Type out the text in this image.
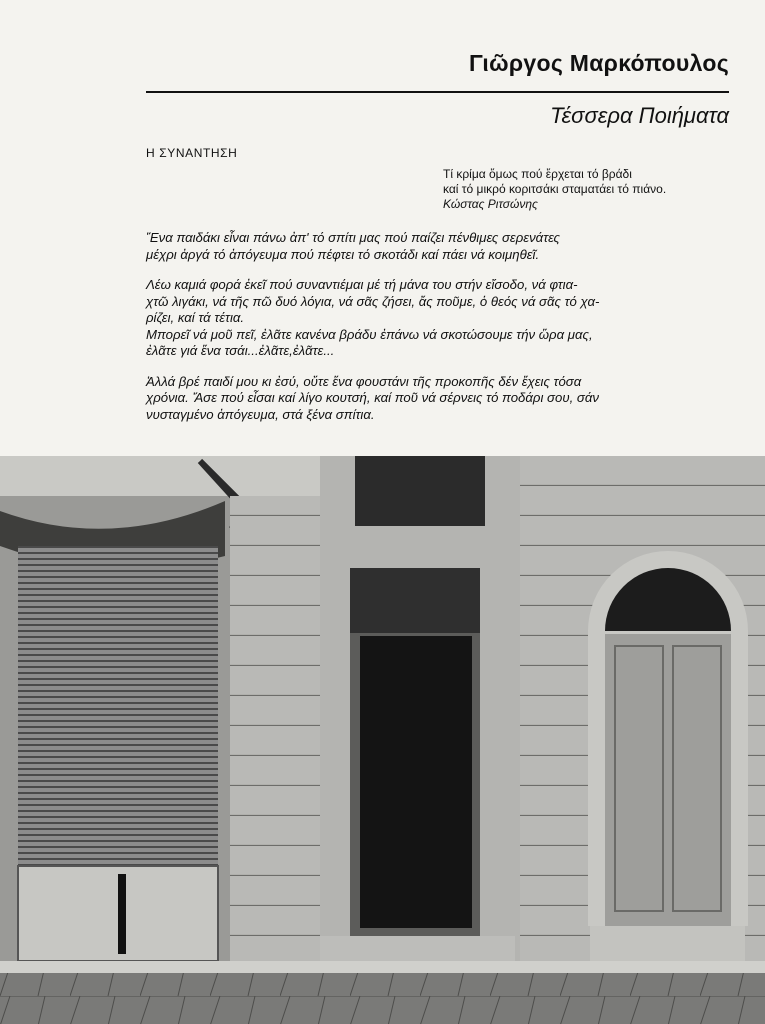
Γιῶργος Μαρκόπουλος
Τέσσερα Ποιήματα
Η ΣΥΝΑΝΤΗΣΗ
Τί κρίμα ὅμως πού ἔρχεται τό βράδι
καί τό μικρό κοριτσάκι σταματάει τό πιάνο.
Κώστας Ριτσώνης

Ἕνα παιδάκι εἶναι πάνω ἀπ' τό σπίτι μας πού παίζει πένθιμες σερενάτες
μέχρι ἀργά τό ἀπόγευμα πού πέφτει τό σκοτάδι καί πάει νά κοιμηθεῖ.

Λέω καμιά φορά ἐκεῖ πού συναντιέμαι μέ τή μάνα του στήν εἴσοδο, νά φτια-
χτῶ λιγάκι, νά τῆς πῶ δυό λόγια, νά σᾶς ζήσει, ἄς ποῦμε, ὁ θεός νά σᾶς τό χα-
ρίζει, καί τά τέτια.
Μπορεῖ νά μοῦ πεῖ, ἐλᾶτε κανένα βράδυ ἐπάνω νά σκοτώσουμε τήν ὥρα μας,
ἐλᾶτε γιά ἕνα τσάι...ἐλᾶτε,ἐλᾶτε...

Ἀλλά βρέ παιδί μου κι ἐσύ, οὔτε ἕνα φουστάνι τῆς προκοπῆς δέν ἔχεις τόσα
χρόνια. Ἄσε πού εἶσαι καί λίγο κουτσή, καί ποῦ νά σέρνεις τό ποδάρι σου, σάν
νυσταγμένο ἀπόγευμα, στά ξένα σπίτια.
